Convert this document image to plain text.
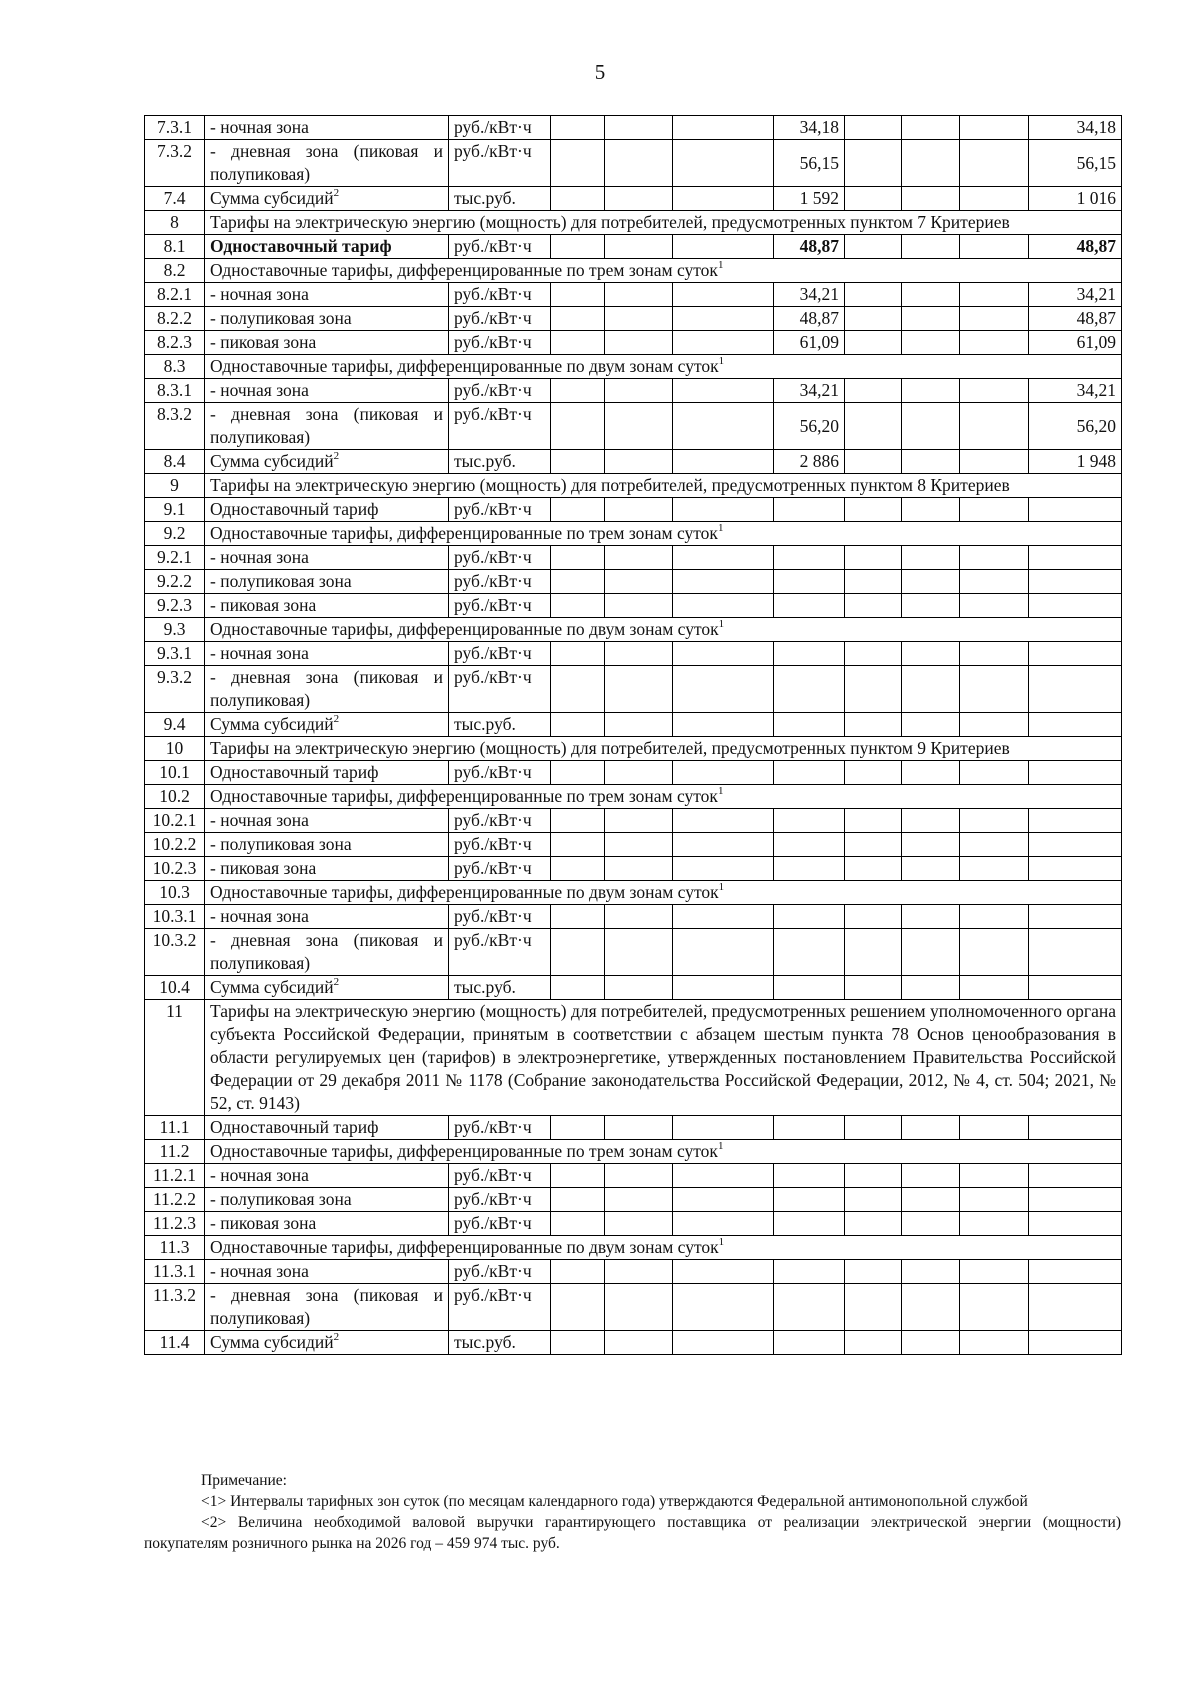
5
7.3.1	- ночная зона	руб./кВт·ч				34,18				34,18
7.3.2	- дневная зона (пиковая и полупиковая)	руб./кВт·ч				56,15				56,15
7.4	Сумма субсидий$^2$	тыс.руб.				1 592				1 016
8	Тарифы на электрическую энергию (мощность) для потребителей, предусмотренных пунктом 7 Критериев									
8.1	Одноставочный тариф	руб./кВт·ч				48,87				48,87
8.2	Одноставочные тарифы, дифференцированные по трем зонам суток$^1$
8.2.1	- ночная зона	руб./кВт·ч				34,21				34,21
8.2.2	- полупиковая зона	руб./кВт·ч				48,87				48,87
8.2.3	- пиковая зона	руб./кВт·ч				61,09				61,09
8.3	Одноставочные тарифы, дифференцированные по двум зонам суток$^1$
8.3.1	- ночная зона	руб./кВт·ч				34,21				34,21
8.3.2	- дневная зона (пиковая и полупиковая)	руб./кВт·ч				56,20				56,20
8.4	Сумма субсидий$^2$	тыс.руб.				2 886				1 948
9	Тарифы на электрическую энергию (мощность) для потребителей, предусмотренных пунктом 8 Критериев									
9.1	Одноставочный тариф	руб./кВт·ч								
9.2	Одноставочные тарифы, дифференцированные по трем зонам суток$^1$
9.2.1	- ночная зона	руб./кВт·ч								
9.2.2	- полупиковая зона	руб./кВт·ч								
9.2.3	- пиковая зона	руб./кВт·ч								
9.3	Одноставочные тарифы, дифференцированные по двум зонам суток$^1$
9.3.1	- ночная зона	руб./кВт·ч								
9.3.2	- дневная зона (пиковая и полупиковая)	руб./кВт·ч								
9.4	Сумма субсидий$^2$	тыс.руб.								
10	Тарифы на электрическую энергию (мощность) для потребителей, предусмотренных пунктом 9 Критериев									
10.1	Одноставочный тариф	руб./кВт·ч								
10.2	Одноставочные тарифы, дифференцированные по трем зонам суток$^1$
10.2.1	- ночная зона	руб./кВт·ч								
10.2.2	- полупиковая зона	руб./кВт·ч								
10.2.3	- пиковая зона	руб./кВт·ч								
10.3	Одноставочные тарифы, дифференцированные по двум зонам суток$^1$
10.3.1	- ночная зона	руб./кВт·ч								
10.3.2	- дневная зона (пиковая и полупиковая)	руб./кВт·ч								
10.4	Сумма субсидий$^2$	тыс.руб.								
11	Тарифы на электрическую энергию (мощность) для потребителей, предусмотренных решением уполномоченного органа субъекта Российской Федерации, принятым в соответствии с абзацем шестым пункта 78 Основ ценообразования в области регулируемых цен (тарифов) в электроэнергетике, утвержденных постановлением Правительства Российской Федерации от 29 декабря 2011 № 1178 (Собрание законодательства Российской Федерации, 2012, № 4, ст. 504; 2021, № 52, ст. 9143)									
11.1	Одноставочный тариф	руб./кВт·ч								
11.2	Одноставочные тарифы, дифференцированные по трем зонам суток$^1$
11.2.1	- ночная зона	руб./кВт·ч								
11.2.2	- полупиковая зона	руб./кВт·ч								
11.2.3	- пиковая зона	руб./кВт·ч								
11.3	Одноставочные тарифы, дифференцированные по двум зонам суток$^1$
11.3.1	- ночная зона	руб./кВт·ч								
11.3.2	- дневная зона (пиковая и полупиковая)	руб./кВт·ч								
11.4	Сумма субсидий$^2$	тыс.руб.								

Примечание:

<1> Интервалы тарифных зон суток (по месяцам календарного года) утверждаются Федеральной антимонопольной службой

<2> Величина необходимой валовой выручки гарантирующего поставщика от реализации электрической энергии (мощности) покупателям розничного рынка на 2026 год – 459 974 тыс. руб.
